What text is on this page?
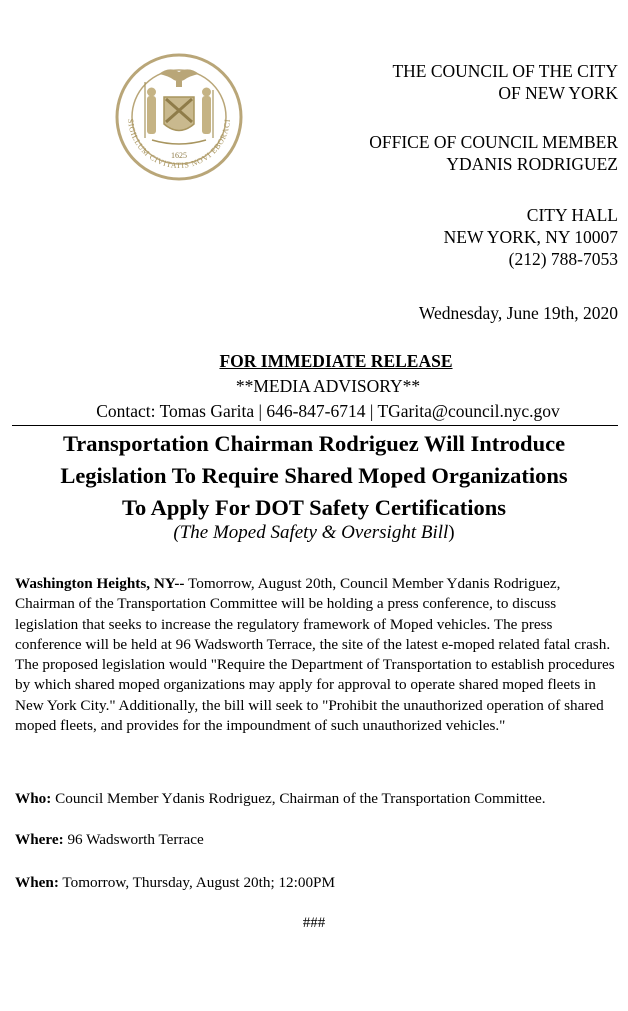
1625
SIGILLUM CIVITATIS NOVI EBORACI
THE COUNCIL OF THE CITY
OF NEW YORK
OFFICE OF COUNCIL MEMBER
YDANIS RODRIGUEZ
CITY HALL
NEW YORK, NY 10007
(212) 788-7053
Wednesday, June 19th, 2020
FOR IMMEDIATE RELEASE
**MEDIA ADVISORY**
Contact: Tomas Garita | 646-847-6714 | TGarita@council.nyc.gov
Transportation Chairman Rodriguez Will Introduce
Legislation To Require Shared Moped Organizations
To Apply For DOT Safety Certifications
(The Moped Safety & Oversight Bill)
Washington Heights, NY-- Tomorrow, August 20th, Council Member Ydanis Rodriguez, Chairman of the Transportation Committee will be holding a press conference, to discuss legislation that seeks to increase the regulatory framework of Moped vehicles. The press conference will be held at 96 Wadsworth Terrace, the site of the latest e-moped related fatal crash. The proposed legislation would "Require the Department of Transportation to establish procedures by which shared moped organizations may apply for approval to operate shared moped fleets in New York City." Additionally, the bill will seek to "Prohibit the unauthorized operation of shared moped fleets, and provides for the impoundment of such unauthorized vehicles."
Who: Council Member Ydanis Rodriguez, Chairman of the Transportation Committee.
Where: 96 Wadsworth Terrace
When: Tomorrow, Thursday, August 20th; 12:00PM
###
